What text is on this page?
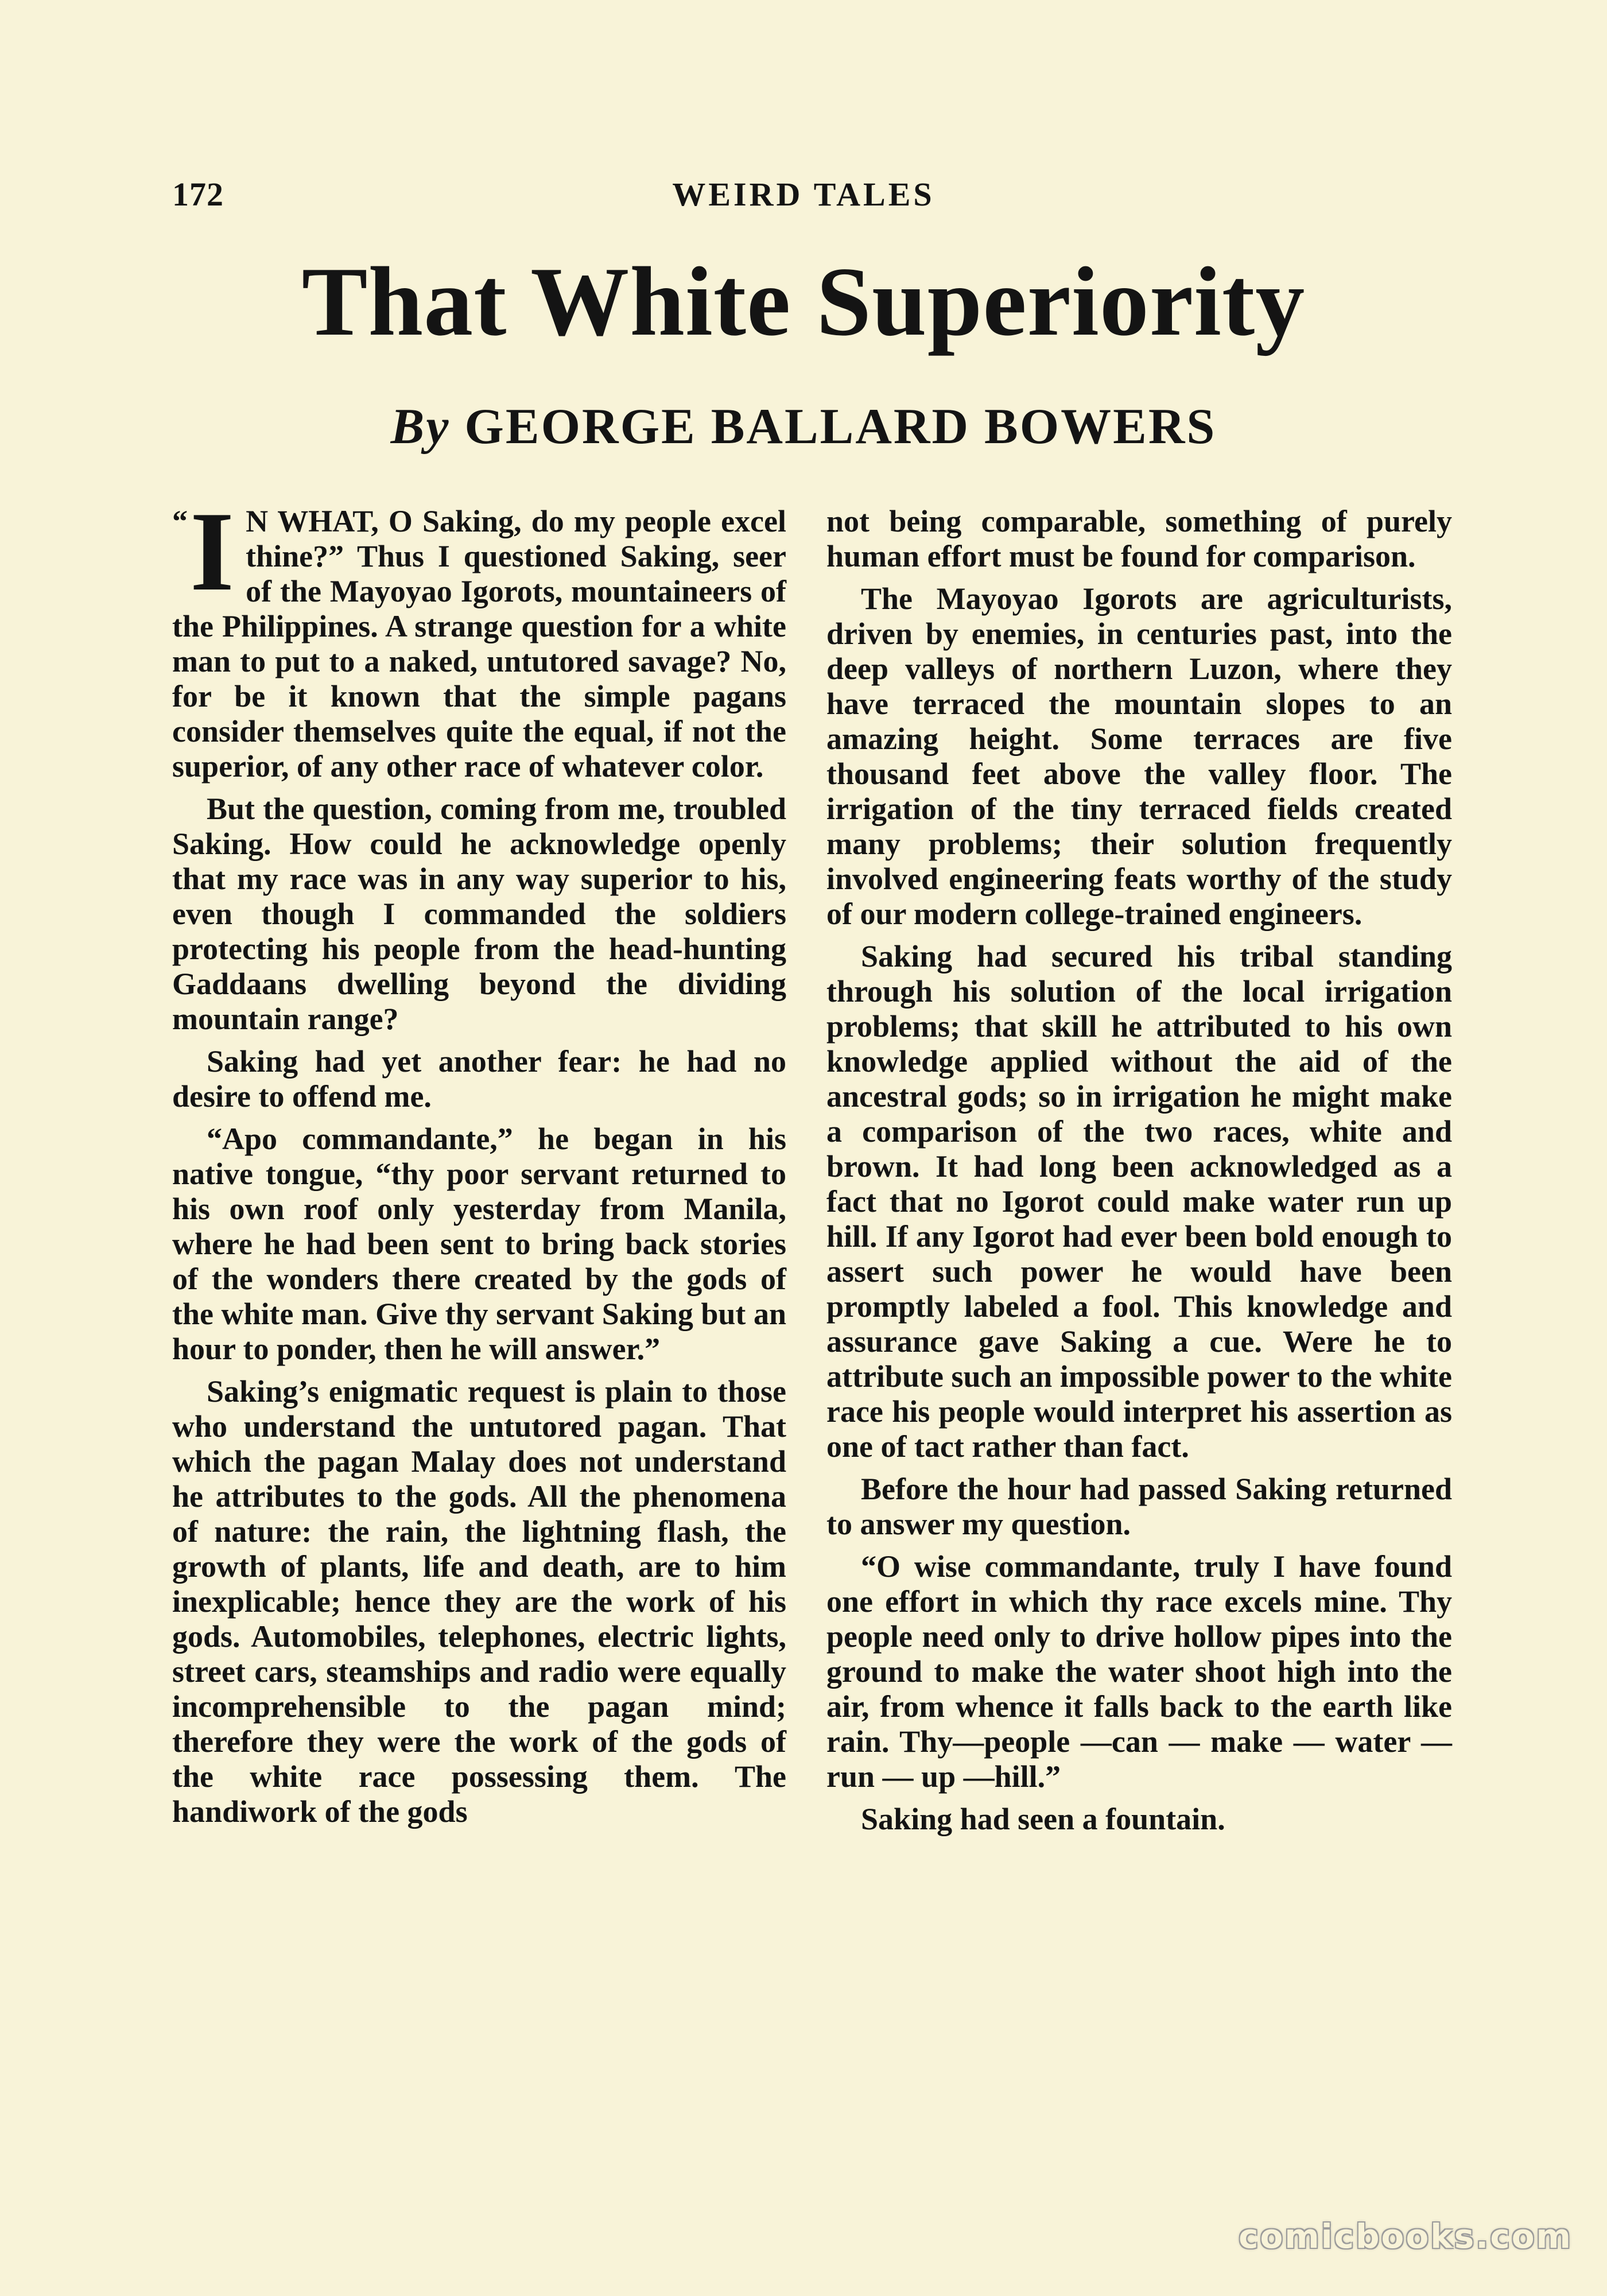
172	WEIRD TALES
That White Superiority
By GEORGE BALLARD BOWERS

“ I N WHAT, O Saking, do my people excel thine?” Thus I questioned Saking, seer of the Mayoyao Igorots, mountaineers of the Philippines. A strange question for a white man to put to a naked, untutored savage? No, for be it known that the simple pagans consider themselves quite the equal, if not the superior, of any other race of whatever color.

But the question, coming from me, troubled Saking. How could he acknowledge openly that my race was in any way superior to his, even though I commanded the soldiers protecting his people from the head-hunting Gaddaans dwelling beyond the dividing mountain range?

Saking had yet another fear: he had no desire to offend me.

“Apo commandante,” he began in his native tongue, “thy poor servant returned to his own roof only yesterday from Manila, where he had been sent to bring back stories of the wonders there created by the gods of the white man. Give thy servant Saking but an hour to ponder, then he will answer.”

Saking’s enigmatic request is plain to those who understand the untutored pagan. That which the pagan Malay does not understand he attributes to the gods. All the phenomena of nature: the rain, the lightning flash, the growth of plants, life and death, are to him inexplicable; hence they are the work of his gods. Automobiles, telephones, electric lights, street cars, steamships and radio were equally incomprehensible to the pagan mind; therefore they were the work of the gods of the white race possessing them. The handiwork of the gods

not being comparable, something of purely human effort must be found for comparison.

The Mayoyao Igorots are agriculturists, driven by enemies, in centuries past, into the deep valleys of northern Luzon, where they have terraced the mountain slopes to an amazing height. Some terraces are five thousand feet above the valley floor. The irrigation of the tiny terraced fields created many problems; their solution frequently involved engineering feats worthy of the study of our modern college-trained engineers.

Saking had secured his tribal standing through his solution of the local irrigation problems; that skill he attributed to his own knowledge applied without the aid of the ancestral gods; so in irrigation he might make a comparison of the two races, white and brown. It had long been acknowledged as a fact that no Igorot could make water run up hill. If any Igorot had ever been bold enough to assert such power he would have been promptly labeled a fool. This knowledge and assurance gave Saking a cue. Were he to attribute such an impossible power to the white race his people would interpret his assertion as one of tact rather than fact.

Before the hour had passed Saking returned to answer my question.

“O wise commandante, truly I have found one effort in which thy race excels mine. Thy people need only to drive hollow pipes into the ground to make the water shoot high into the air, from whence it falls back to the earth like rain. Thy—people —can — make — water — run — up —hill.”

Saking had seen a fountain.

comicbooks.com
